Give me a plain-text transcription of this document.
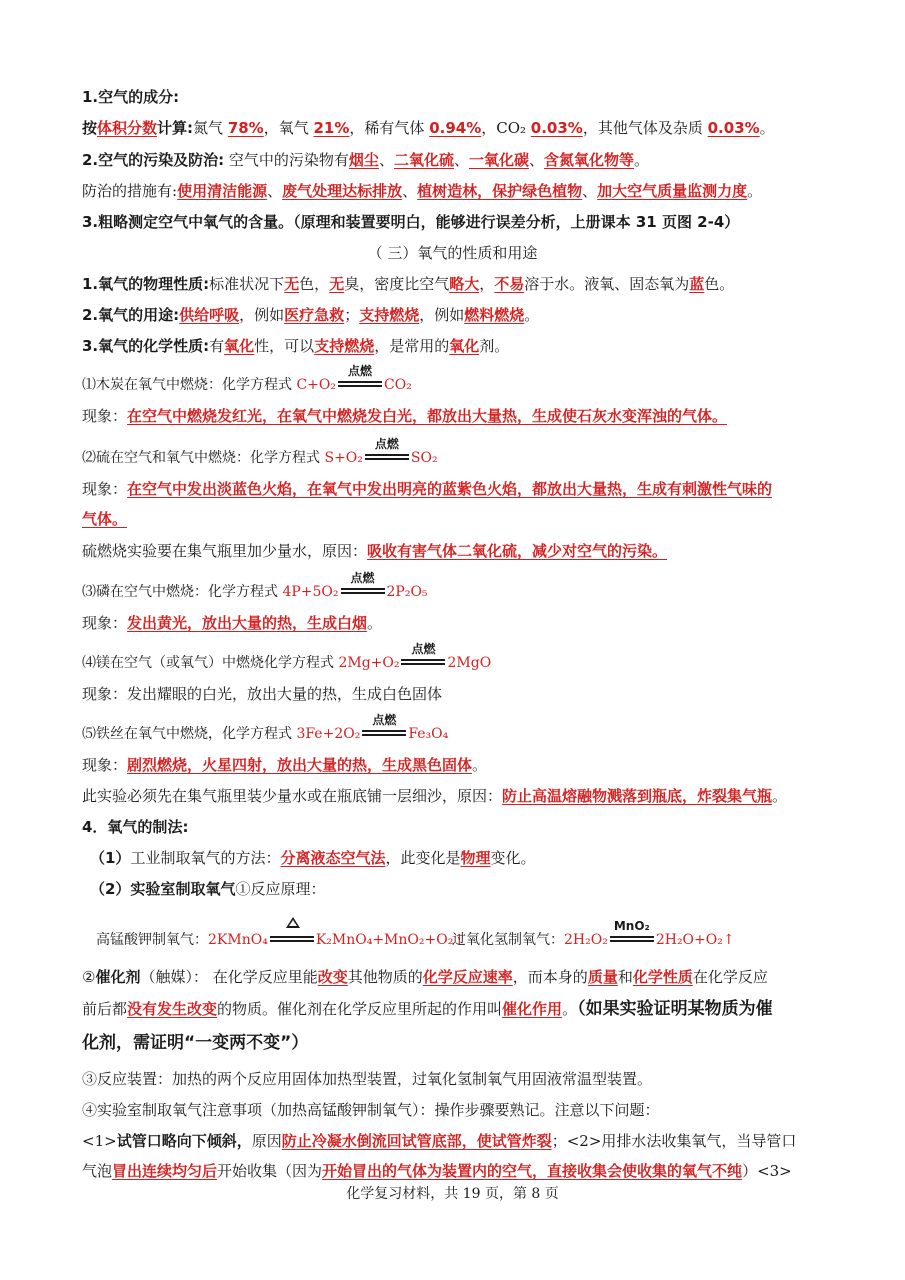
1.空气的成分:
按体积分数计算:氮气 78%，氧气 21%，稀有气体 0.94%，CO₂ 0.03%，其他气体及杂质 0.03%。
2.空气的污染及防治: 空气中的污染物有烟尘、二氧化硫、一氧化碳、含氮氧化物等。
防治的措施有:使用清洁能源、废气处理达标排放、植树造林，保护绿色植物、加大空气质量监测力度。
3.粗略测定空气中氧气的含量。（原理和装置要明白，能够进行误差分析，上册课本 31 页图 2-4）
（ 三）氧气的性质和用途
1.氧气的物理性质:标准状况下无色，无臭，密度比空气略大，不易溶于水。液氧、固态氧为蓝色。
2.氧气的用途:供给呼吸，例如医疗急救；支持燃烧，例如燃料燃烧。
3.氧气的化学性质:有氧化性，可以支持燃烧，是常用的氧化剂。
⑴木炭在氧气中燃烧：化学方程式 C+O₂
点燃
CO₂
现象：在空气中燃烧发红光，在氧气中燃烧发白光，都放出大量热，生成使石灰水变浑浊的气体。
⑵硫在空气和氧气中燃烧：化学方程式 S+O₂
点燃
SO₂
现象：在空气中发出淡蓝色火焰，在氧气中发出明亮的蓝紫色火焰，都放出大量热，生成有刺激性气味的
气体。
硫燃烧实验要在集气瓶里加少量水，原因：吸收有害气体二氧化硫，减少对空气的污染。
⑶磷在空气中燃烧：化学方程式 4P+5O₂
点燃
2P₂O₅
现象：发出黄光，放出大量的热，生成白烟。
⑷镁在空气（或氧气）中燃烧化学方程式 2Mg+O₂
点燃
2MgO
现象：发出耀眼的白光，放出大量的热，生成白色固体
⑸铁丝在氧气中燃烧，化学方程式 3Fe+2O₂
点燃
Fe₃O₄
现象：剧烈燃烧，火星四射，放出大量的热，生成黑色固体。
此实验必须先在集气瓶里装少量水或在瓶底铺一层细沙，原因：防止高温熔融物溅落到瓶底，炸裂集气瓶。
4．氧气的制法:
（1）工业制取氧气的方法：分离液态空气法，此变化是物理变化。
（2）实验室制取氧气①反应原理：
高锰酸钾制氧气：2KMnO₄	K₂MnO₄+MnO₂+O₂↑
过氧化氢制氧气：2H₂O₂
MnO₂
2H₂O+O₂↑
②催化剂（触媒）： 在化学反应里能改变其他物质的化学反应速率，而本身的质量和化学性质在化学反应
前后都没有发生改变的物质。催化剂在化学反应里所起的作用叫催化作用。（如果实验证明某物质为催
化剂，需证明“一变两不变”）
③反应装置：加热的两个反应用固体加热型装置，过氧化氢制氧气用固液常温型装置。
④实验室制取氧气注意事项（加热高锰酸钾制氧气）：操作步骤要熟记。注意以下问题：
<1>试管口略向下倾斜，原因防止冷凝水倒流回试管底部，使试管炸裂；<2>用排水法收集氧气，当导管口
气泡冒出连续均匀后开始收集（因为开始冒出的气体为装置内的空气，直接收集会使收集的氧气不纯）<3>
化学复习材料，共 19 页，第 8 页
